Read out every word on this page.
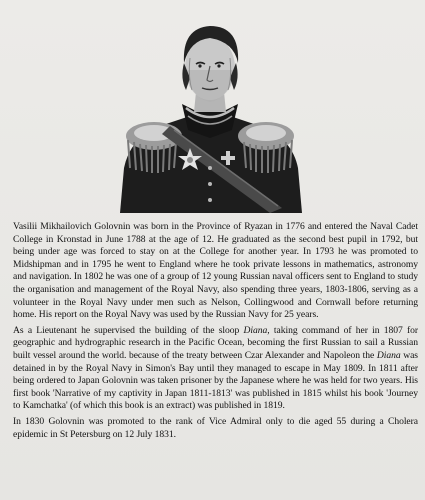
Vasilii Mikhailovich Golovnin was born in the Province of Ryazan in 1776 and entered the Naval Cadet College in Kronstad in June 1788 at the age of 12. He graduated as the second best pupil in 1792, but being under age was forced to stay on at the College for another year. In 1793 he was promoted to Midshipman and in 1795 he went to England where he took private lessons in mathematics, astronomy and navigation. In 1802 he was one of a group of 12 young Russian naval officers sent to England to study the organisation and management of the Royal Navy, also spending three years, 1803-1806, serving as a volunteer in the Royal Navy under men such as Nelson, Collingwood and Cornwall before returning home. His report on the Royal Navy was used by the Russian Navy for 25 years.

As a Lieutenant he supervised the building of the sloop Diana, taking command of her in 1807 for geographic and hydrographic research in the Pacific Ocean, becoming the first Russian to sail a Russian built vessel around the world. because of the treaty between Czar Alexander and Napoleon the Diana was detained in by the Royal Navy in Simon's Bay until they managed to escape in May 1809. In 1811 after being ordered to Japan Golovnin was taken prisoner by the Japanese where he was held for two years. His first book 'Narrative of my captivity in Japan 1811-1813' was published in 1815 whilst his book 'Journey to Kamchatka' (of which this book is an extract) was published in 1819.

In 1830 Golovnin was promoted to the rank of Vice Admiral only to die aged 55 during a Cholera epidemic in St Petersburg on 12 July 1831.
